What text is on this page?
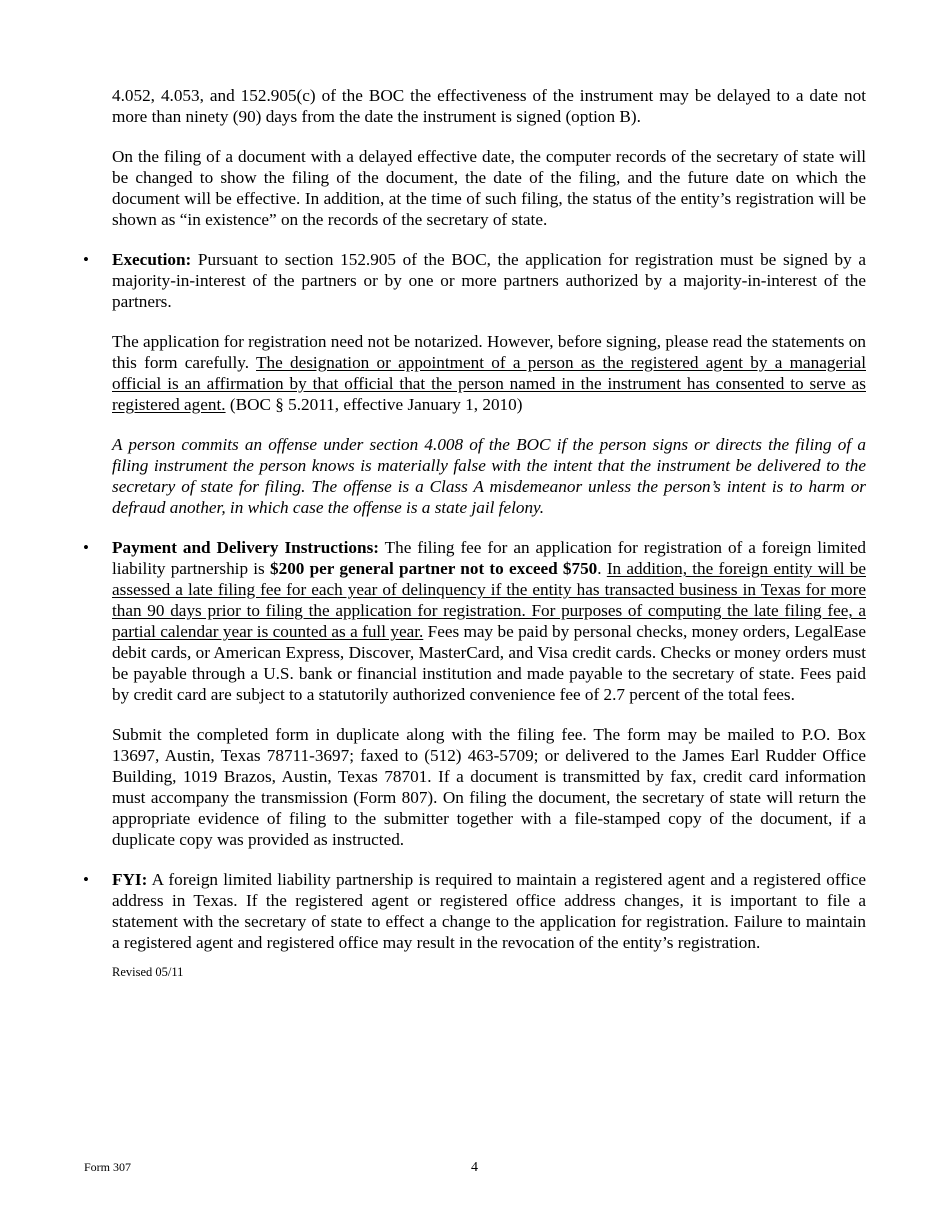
4.052, 4.053, and 152.905(c) of the BOC the effectiveness of the instrument may be delayed to a date not more than ninety (90) days from the date the instrument is signed (option B).

On the filing of a document with a delayed effective date, the computer records of the secretary of state will be changed to show the filing of the document, the date of the filing, and the future date on which the document will be effective. In addition, at the time of such filing, the status of the entity’s registration will be shown as “in existence” on the records of the secretary of state.

• Execution: Pursuant to section 152.905 of the BOC, the application for registration must be signed by a majority-in-interest of the partners or by one or more partners authorized by a majority-in-interest of the partners.

The application for registration need not be notarized. However, before signing, please read the statements on this form carefully. The designation or appointment of a person as the registered agent by a managerial official is an affirmation by that official that the person named in the instrument has consented to serve as registered agent. (BOC § 5.2011, effective January 1, 2010)

A person commits an offense under section 4.008 of the BOC if the person signs or directs the filing of a filing instrument the person knows is materially false with the intent that the instrument be delivered to the secretary of state for filing. The offense is a Class A misdemeanor unless the person’s intent is to harm or defraud another, in which case the offense is a state jail felony.

• Payment and Delivery Instructions: The filing fee for an application for registration of a foreign limited liability partnership is $200 per general partner not to exceed $750. In addition, the foreign entity will be assessed a late filing fee for each year of delinquency if the entity has transacted business in Texas for more than 90 days prior to filing the application for registration. For purposes of computing the late filing fee, a partial calendar year is counted as a full year. Fees may be paid by personal checks, money orders, LegalEase debit cards, or American Express, Discover, MasterCard, and Visa credit cards. Checks or money orders must be payable through a U.S. bank or financial institution and made payable to the secretary of state. Fees paid by credit card are subject to a statutorily authorized convenience fee of 2.7 percent of the total fees.

Submit the completed form in duplicate along with the filing fee. The form may be mailed to P.O. Box 13697, Austin, Texas 78711-3697; faxed to (512) 463-5709; or delivered to the James Earl Rudder Office Building, 1019 Brazos, Austin, Texas 78701. If a document is transmitted by fax, credit card information must accompany the transmission (Form 807). On filing the document, the secretary of state will return the appropriate evidence of filing to the submitter together with a file-stamped copy of the document, if a duplicate copy was provided as instructed.

• FYI: A foreign limited liability partnership is required to maintain a registered agent and a registered office address in Texas. If the registered agent or registered office address changes, it is important to file a statement with the secretary of state to effect a change to the application for registration. Failure to maintain a registered agent and registered office may result in the revocation of the entity’s registration.

Revised 05/11

Form 307	4
